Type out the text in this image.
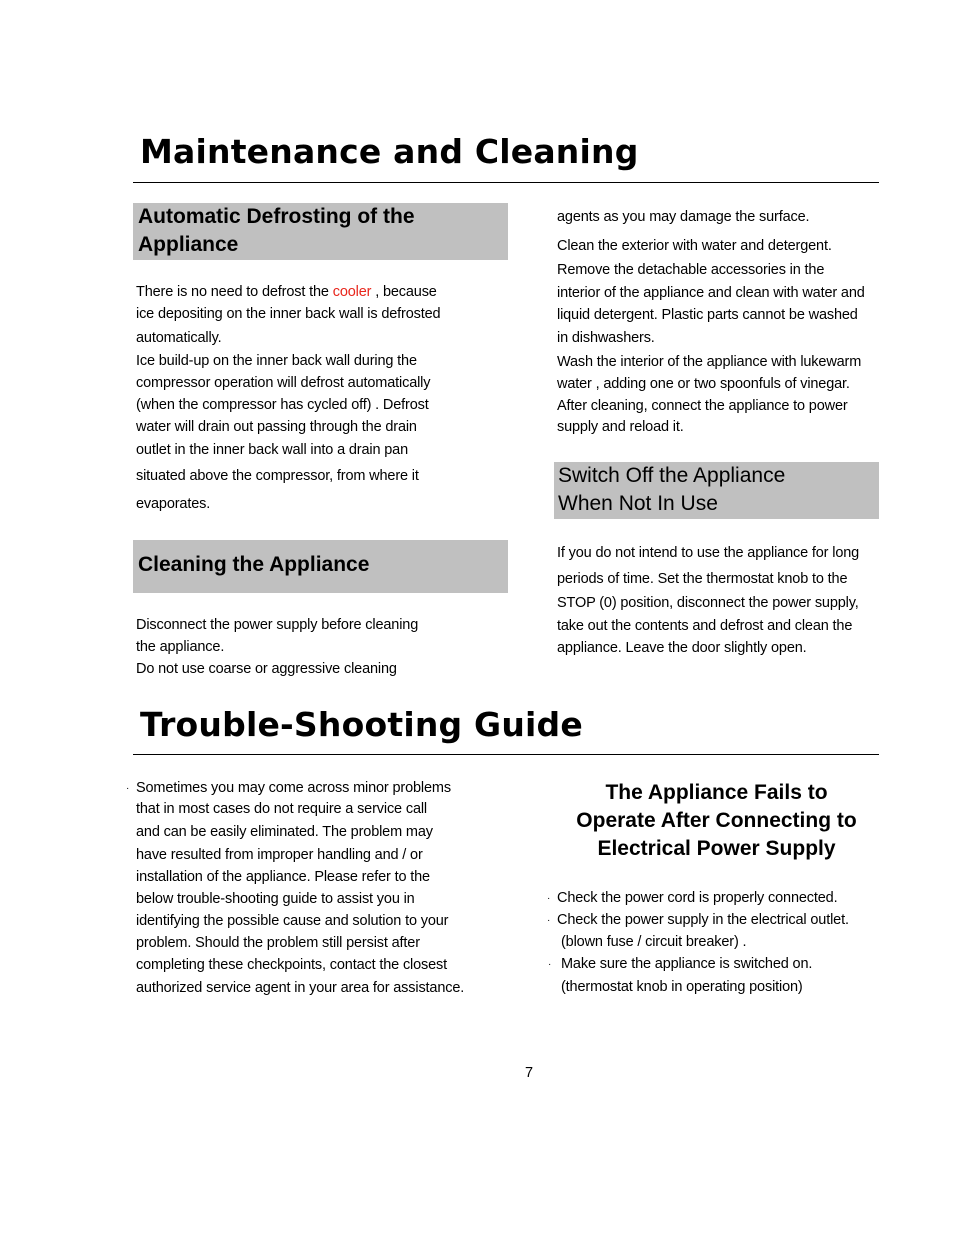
Maintenance and Cleaning
Automatic Defrosting of the
Appliance
There is no need to defrost the cooler , because
ice depositing on the inner back wall is defrosted
automatically.
Ice build-up on the inner back wall during the
compressor operation will defrost automatically
(when the compressor has cycled off) . Defrost
water will drain out passing through the drain
outlet in the inner back wall into a drain pan
situated above the compressor, from where it
evaporates.
Cleaning the Appliance
Disconnect the power supply before cleaning
the appliance.
Do not use coarse or aggressive cleaning
agents as you may damage the surface.
Clean the exterior with water and detergent.
Remove the detachable accessories in the
interior of the appliance and clean with water and
liquid detergent. Plastic parts cannot be washed
in dishwashers.
Wash the interior of the appliance with lukewarm
water , adding one or two spoonfuls of vinegar.
After cleaning, connect the appliance to power
supply and reload it.
Switch Off the Appliance
When Not In Use
If you do not intend to use the appliance for long
periods of time. Set the thermostat knob to the
STOP (0) position, disconnect the power supply,
take out the contents and defrost and clean the
appliance. Leave the door slightly open.
Trouble-Shooting Guide
· Sometimes you may come across minor problems
that in most cases do not require a service call
and can be easily eliminated. The problem may
have resulted from improper handling and / or
installation of the appliance. Please refer to the
below trouble-shooting guide to assist you in
identifying the possible cause and solution to your
problem. Should the problem still persist after
completing these checkpoints, contact the closest
authorized service agent in your area for assistance.
The Appliance Fails to
Operate After Connecting to
Electrical Power Supply
· Check the power cord is properly connected.
· Check the power supply in the electrical outlet.
(blown fuse / circuit breaker) .
· Make sure the appliance is switched on.
(thermostat knob in operating position)
7
